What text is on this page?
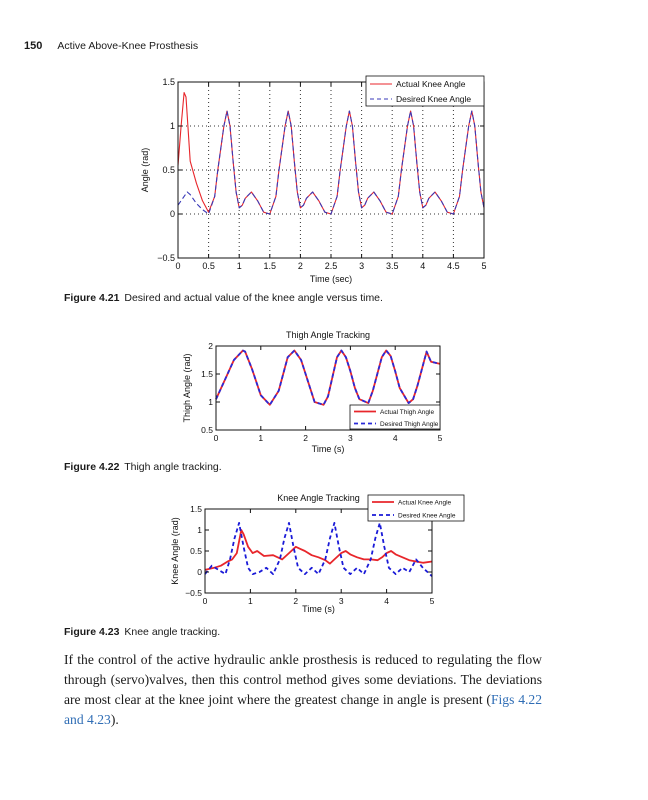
150 Active Above-Knee Prosthesis
0 0.5 1 1.5 2 2.5 3 3.5 4 4.5 5
−0.5
0
0.5
1
1.5
Time (sec)
Angle (rad)
Actual Knee Angle
Desired Knee Angle
Figure 4.21 Desired and actual value of the knee angle versus time.
0	1	2	3	4	5
0.5
1
1.5
2
Time (s)
Thigh Angle (rad)
Thigh Angle Tracking
Actual Thigh Angle
Desired Thigh Angle
Figure 4.22 Thigh angle tracking.
0	1	2	3	4	5
−0.5
0
0.5
1
1.5
Time (s)
Knee Angle (rad)
Knee Angle Tracking	Actual Knee Angle
Desired Knee Angle
Figure 4.23 Knee angle tracking.
If the control of the active hydraulic ankle prosthesis is reduced to regulating the flow through (servo)valves, then this control method gives some deviations. The deviations are most clear at the knee joint where the greatest change in angle is present (Figs 4.22 and 4.23).
